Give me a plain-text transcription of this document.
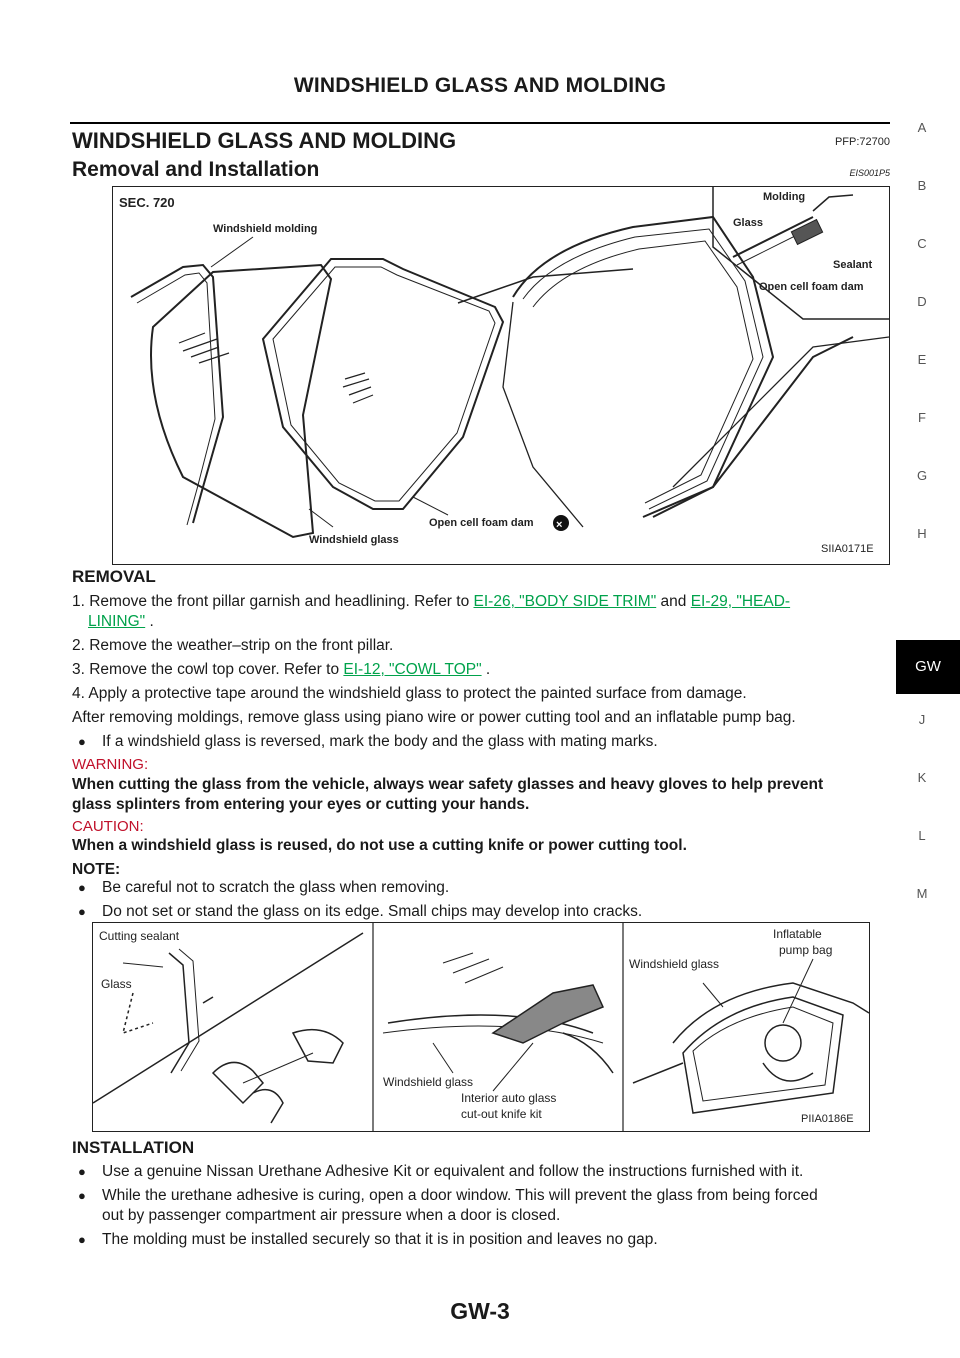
WINDSHIELD GLASS AND MOLDING
WINDSHIELD GLASS AND MOLDING	PFP:72700
Removal and Installation	EIS001P5
×
SEC. 720
Windshield molding
Molding
Glass
Sealant
Open cell foam dam
Open cell foam dam
Windshield glass
SIIA0171E
REMOVAL
1. Remove the front pillar garnish and headlining. Refer to EI-26, "BODY SIDE TRIM" and EI-29, "HEAD-
LINING" .
2. Remove the weather–strip on the front pillar.
3. Remove the cowl top cover. Refer to EI-12, "COWL TOP" .
4. Apply a protective tape around the windshield glass to protect the painted surface from damage.
After removing moldings, remove glass using piano wire or power cutting tool and an inflatable pump bag.
● If a windshield glass is reversed, mark the body and the glass with mating marks.
WARNING:
When cutting the glass from the vehicle, always wear safety glasses and heavy gloves to help prevent
glass splinters from entering your eyes or cutting your hands.
CAUTION:
When a windshield glass is reused, do not use a cutting knife or power cutting tool.
NOTE:
● Be careful not to scratch the glass when removing.
● Do not set or stand the glass on its edge. Small chips may develop into cracks.
Cutting sealant
Glass
Windshield glass
Interior auto glass
cut-out knife kit
Windshield glass
Inflatable
pump bag
PIIA0186E
INSTALLATION
● Use a genuine Nissan Urethane Adhesive Kit or equivalent and follow the instructions furnished with it.
● While the urethane adhesive is curing, open a door window. This will prevent the glass from being forced
out by passenger compartment air pressure when a door is closed.
● The molding must be installed securely so that it is in position and leaves no gap.
A
B
C
D
E
F
G
H
GW
J
K
L
M
GW-3
